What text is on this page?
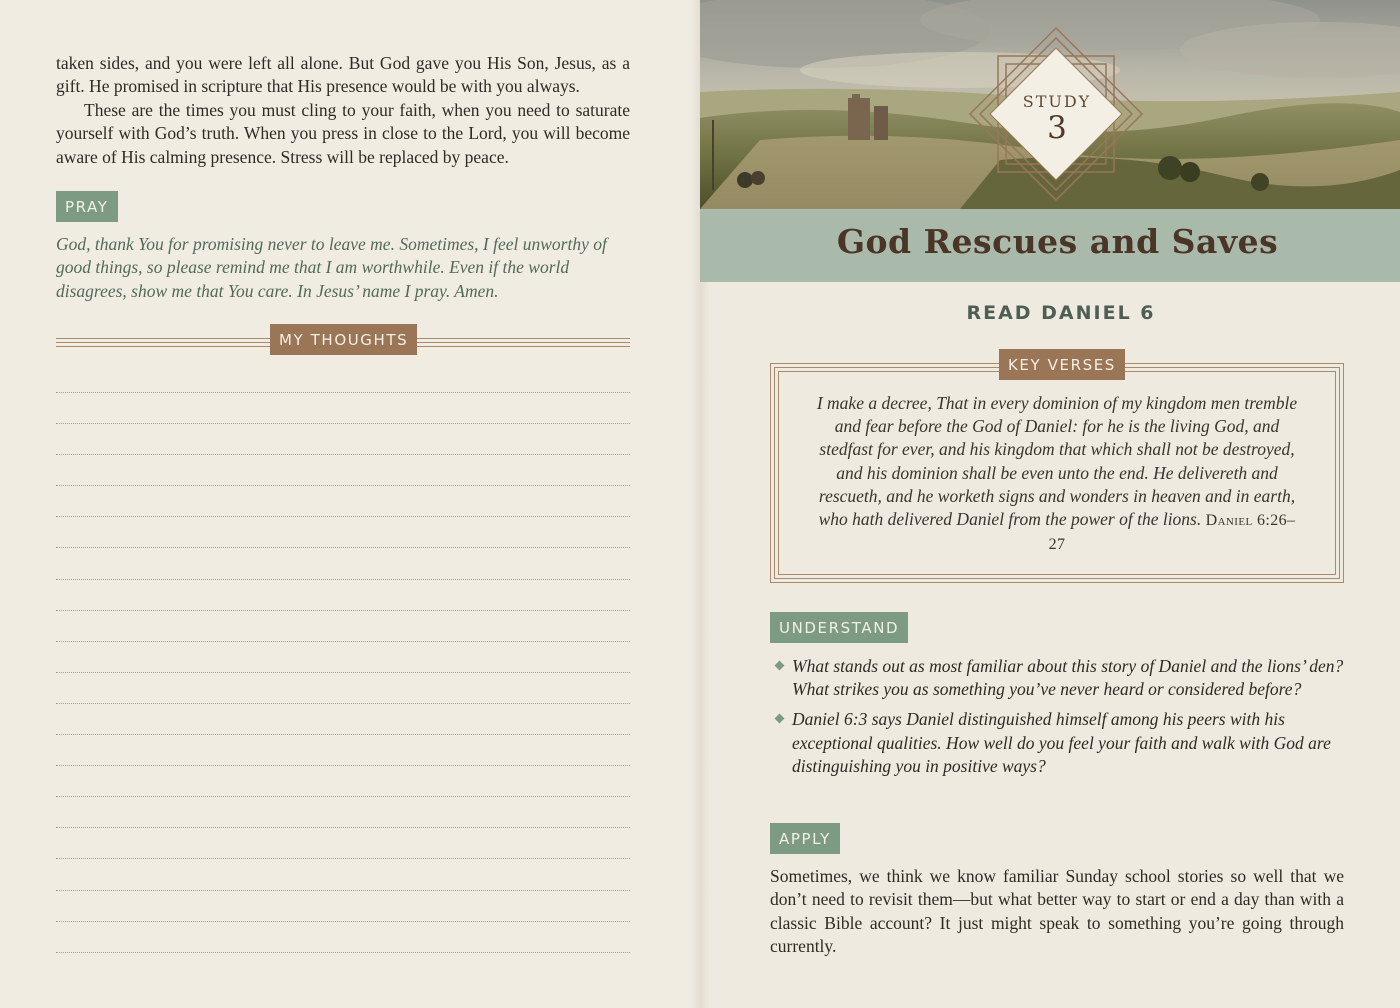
taken sides, and you were left all alone. But God gave you His Son, Jesus, as a gift. He promised in scripture that His presence would be with you always.

These are the times you must cling to your faith, when you need to saturate yourself with God’s truth. When you press in close to the Lord, you will become aware of His calming presence. Stress will be replaced by peace.

PRAY
God, thank You for promising never to leave me. Sometimes, I feel unworthy of good things, so please remind me that I am worthwhile. Even if the world disagrees, show me that You care. In Jesus’ name I pray. Amen.
MY THOUGHTS
STUDY
3
God Rescues and Saves
READ DANIEL 6
KEY VERSES
I make a decree, That in every dominion of my kingdom men tremble and fear before the God of Daniel: for he is the living God, and stedfast for ever, and his kingdom that which shall not be destroyed, and his dominion shall be even unto the end. He delivereth and rescueth, and he worketh signs and wonders in heaven and in earth, who hath delivered Daniel from the power of the lions. Daniel 6:26–27
UNDERSTAND
What stands out as most familiar about this story of Daniel and the lions’ den? What strikes you as something you’ve never heard or considered before?
Daniel 6:3 says Daniel distinguished himself among his peers with his exceptional qualities. How well do you feel your faith and walk with God are distinguishing you in positive ways?
APPLY
Sometimes, we think we know familiar Sunday school stories so well that we don’t need to revisit them—but what better way to start or end a day than with a classic Bible account? It just might speak to something you’re going through currently.
